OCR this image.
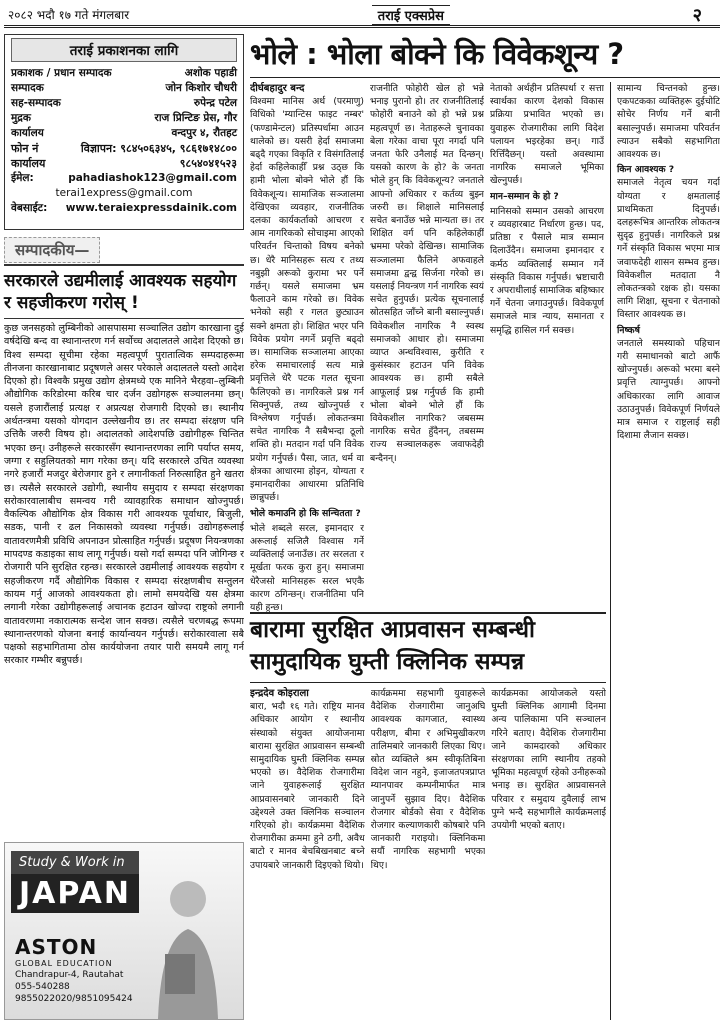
२०८२ भदौ १७ गते मंगलबार	तराई एक्सप्रेस	२
तराई प्रकाशनका लागि
प्रकाशक / प्रधान सम्पादक	अशोक पहाडी
सम्पादक	जोन किशोर चौधरी
सह-सम्पादक	रुपेन्द्र पटेल
मुद्रक	राज प्रिन्टिङ प्रेस, गौर
कार्यालय	वन्दपुर ४, रौतहट
फोन नं	विज्ञापन: ९८४५०६३४५, ९८६१७१४८००
कार्यालय	९८५४०४१५२३
ईमेल:	pahadiashok123@gmail.com
terai1express@gmail.com
वेबसाईट: www.teraiexpressdainik.com
सम्पादकीय—
सरकारले उद्यमीलाई आवश्यक सहयोग र सहजीकरण गरोस् !
कुछ जनसहको लुम्बिनीको आसपासमा सञ्चालित उद्योग कारखाना दुई वर्षदेखि बन्द वा स्थानान्तरण गर्न सर्वोच्च अदालतले आदेश दिएको छ। विश्व सम्पदा सूचीमा रहेका महत्वपूर्ण पुरातात्विक सम्पदाहरूमा तीनजना कारखानाबाट प्रदूषणले असर परेकाले अदालतले यस्तो आदेश दिएको हो। विश्वकै प्रमुख उद्योग क्षेत्रमध्ये एक मानिने भैरहवा–लुम्बिनी औद्योगिक करिडोरमा करिब चार दर्जन उद्योगहरू सञ्चालनमा छन्। यसले हजारौंलाई प्रत्यक्ष र अप्रत्यक्ष रोजगारी दिएको छ। स्थानीय अर्थतन्त्रमा यसको योगदान उल्लेखनीय छ। तर सम्पदा संरक्षण पनि उत्तिकै जरुरी विषय हो। अदालतको आदेशपछि उद्योगीहरू चिन्तित भएका छन्। उनीहरूले सरकारसँग स्थानान्तरणका लागि पर्याप्त समय, जग्गा र सहुलियतको माग गरेका छन्। यदि सरकारले उचित व्यवस्था नगरे हजारौं मजदुर बेरोजगार हुने र लगानीकर्ता निरुत्साहित हुने खतरा छ। त्यसैले सरकारले उद्योगी, स्थानीय समुदाय र सम्पदा संरक्षणका सरोकारवालाबीच समन्वय गरी व्यावहारिक समाधान खोज्नुपर्छ। वैकल्पिक औद्योगिक क्षेत्र विकास गरी आवश्यक पूर्वाधार, बिजुली, सडक, पानी र ढल निकासको व्यवस्था गर्नुपर्छ। उद्योगहरूलाई वातावरणमैत्री प्रविधि अपनाउन प्रोत्साहित गर्नुपर्छ। प्रदूषण नियन्त्रणका मापदण्ड कडाइका साथ लागू गर्नुपर्छ। यसो गर्दा सम्पदा पनि जोगिन्छ र रोजगारी पनि सुरक्षित रहन्छ। सरकारले उद्यमीलाई आवश्यक सहयोग र सहजीकरण गर्दै औद्योगिक विकास र सम्पदा संरक्षणबीच सन्तुलन कायम गर्नु आजको आवश्यकता हो। लामो समयदेखि यस क्षेत्रमा लगानी गरेका उद्योगीहरूलाई अचानक हटाउन खोज्दा राष्ट्रको लगानी वातावरणमा नकारात्मक सन्देश जान सक्छ। त्यसैले चरणबद्ध रूपमा स्थानान्तरणको योजना बनाई कार्यान्वयन गर्नुपर्छ। सरोकारवाला सबै पक्षको सहभागितामा ठोस कार्ययोजना तयार पारी समयमै लागू गर्न सरकार गम्भीर बन्नुपर्छ।
Study & Work in
JAPAN
ASTON
GLOBAL EDUCATION
Chandrapur-4, Rautahat
055-540288
9855022020/9851095424
भोले : भोला बोक्ने कि विवेकशून्य ?
दीर्घबहादुर बन्द
विश्वमा मानिस अर्थ (परमाणु) विधिको 'म्यान्टिस फाइट नम्बर' (फण्डामेन्टल) प्रतिस्पर्धामा आउन थालेको छ। यसरी हेर्दा समाजमा बढ्दै गएका विकृति र विसंगतिलाई हेर्दा कहिलेकाहीँ प्रश्न उठ्छ कि हामी भोला बोक्ने भोले हौं कि विवेकशून्य। सामाजिक सञ्जालमा देखिएका व्यवहार, राजनीतिक दलका कार्यकर्ताको आचरण र आम नागरिकको सोचाइमा आएको परिवर्तन चिन्ताको विषय बनेको छ। धेरै मानिसहरू सत्य र तथ्य नबुझी अरूको कुरामा भर पर्ने गर्छन्। यसले समाजमा भ्रम फैलाउने काम गरेको छ। विवेक भनेको सही र गलत छुट्याउन सक्ने क्षमता हो। शिक्षित भएर पनि विवेक प्रयोग नगर्ने प्रवृत्ति बढ्दो छ। सामाजिक सञ्जालमा आएका हरेक समाचारलाई सत्य मान्ने प्रवृत्तिले धेरै पटक गलत सूचना फैलिएको छ। नागरिकले प्रश्न गर्न सिक्नुपर्छ, तथ्य खोज्नुपर्छ र विश्लेषण गर्नुपर्छ। लोकतन्त्रमा सचेत नागरिक नै सबैभन्दा ठूलो शक्ति हो। मतदान गर्दा पनि विवेक प्रयोग गर्नुपर्छ। पैसा, जात, धर्म वा क्षेत्रका आधारमा होइन, योग्यता र इमानदारीका आधारमा प्रतिनिधि छान्नुपर्छ।
भोले कमाउनि हो कि सन्चितता ?
भोले शब्दले सरल, इमानदार र अरूलाई सजिलै विश्वास गर्ने व्यक्तिलाई जनाउँछ। तर सरलता र मूर्खता फरक कुरा हुन्। समाजमा धेरैजसो मानिसहरू सरल भएकै कारण ठगिन्छन्। राजनीतिमा पनि यही हुन्छ।
राजनीति फोहोरी खेल हो भन्ने भनाइ पुरानो हो। तर राजनीतिलाई फोहोरी बनाउने को हो भन्ने प्रश्न महत्वपूर्ण छ। नेताहरूले चुनावका बेला गरेका वाचा पूरा नगर्दा पनि जनता फेरि उनैलाई मत दिन्छन्। यसको कारण के हो? के जनता भोले हुन् कि विवेकशून्य? जनताले आफ्नो अधिकार र कर्तव्य बुझ्न जरुरी छ। शिक्षाले मानिसलाई सचेत बनाउँछ भन्ने मान्यता छ। तर शिक्षित वर्ग पनि कहिलेकाहीँ भ्रममा परेको देखिन्छ। सामाजिक सञ्जालमा फैलिने अफवाहले समाजमा द्वन्द्व सिर्जना गरेको छ। यसलाई नियन्त्रण गर्न नागरिक स्वयं सचेत हुनुपर्छ। प्रत्येक सूचनालाई स्रोतसहित जाँच्ने बानी बसाल्नुपर्छ। विवेकशील नागरिक नै स्वस्थ समाजको आधार हो। समाजमा व्याप्त अन्धविश्वास, कुरीति र कुसंस्कार हटाउन पनि विवेक आवश्यक छ। हामी सबैले आफूलाई प्रश्न गर्नुपर्छ कि हामी भोला बोक्ने भोले हौं कि विवेकशील नागरिक? जबसम्म नागरिक सचेत हुँदैनन्, तबसम्म राज्य सञ्चालकहरू जवाफदेही बन्दैनन्।
नेताको अर्थहीन प्रतिस्पर्धा र सत्ता स्वार्थका कारण देशको विकास प्रक्रिया प्रभावित भएको छ। युवाहरू रोजगारीका लागि विदेश पलायन भइरहेका छन्। गाउँ रित्तिँदैछन्। यस्तो अवस्थामा नागरिक समाजले भूमिका खेल्नुपर्छ।
मान–सम्मान के हो ?
मानिसको सम्मान उसको आचरण र व्यवहारबाट निर्धारण हुन्छ। पद, प्रतिष्ठा र पैसाले मात्र सम्मान दिलाउँदैन। समाजमा इमानदार र कर्मठ व्यक्तिलाई सम्मान गर्ने संस्कृति विकास गर्नुपर्छ। भ्रष्टाचारी र अपराधीलाई सामाजिक बहिष्कार गर्ने चेतना जगाउनुपर्छ। विवेकपूर्ण समाजले मात्र न्याय, समानता र समृद्धि हासिल गर्न सक्छ।
बारामा सुरक्षित आप्रवासन सम्बन्धी सामुदायिक घुम्ती क्लिनिक सम्पन्न
इन्द्रदेव कोइराला
बारा, भदौ १६ गते। राष्ट्रिय मानव अधिकार आयोग र स्थानीय संस्थाको संयुक्त आयोजनामा बारामा सुरक्षित आप्रवासन सम्बन्धी सामुदायिक घुम्ती क्लिनिक सम्पन्न भएको छ। वैदेशिक रोजगारीमा जाने युवाहरूलाई सुरक्षित आप्रवासनबारे जानकारी दिने उद्देश्यले उक्त क्लिनिक सञ्चालन गरिएको हो। कार्यक्रममा वैदेशिक रोजगारीका क्रममा हुने ठगी, अवैध बाटो र मानव बेचबिखनबाट बच्ने उपायबारे जानकारी दिइएको थियो।
कार्यक्रममा सहभागी युवाहरूले वैदेशिक रोजगारीमा जानुअघि आवश्यक कागजात, स्वास्थ्य परीक्षण, बीमा र अभिमुखीकरण तालिमबारे जानकारी लिएका थिए। स्रोत व्यक्तिले श्रम स्वीकृतिबिना विदेश जान नहुने, इजाजतपत्रप्राप्त म्यानपावर कम्पनीमार्फत मात्र जानुपर्ने सुझाव दिए। वैदेशिक रोजगार बोर्डको सेवा र वैदेशिक रोजगार कल्याणकारी कोषबारे पनि जानकारी गराइयो। क्लिनिकमा सयौं नागरिक सहभागी भएका थिए।
कार्यक्रमका आयोजकले यस्तो घुम्ती क्लिनिक आगामी दिनमा अन्य पालिकामा पनि सञ्चालन गरिने बताए। वैदेशिक रोजगारीमा जाने कामदारको अधिकार संरक्षणका लागि स्थानीय तहको भूमिका महत्वपूर्ण रहेको उनीहरूको भनाइ छ। सुरक्षित आप्रवासनले परिवार र समुदाय दुवैलाई लाभ पुग्ने भन्दै सहभागीले कार्यक्रमलाई उपयोगी भएको बताए।
सामान्य चिन्तनको हुन्छ। एकपटकका व्यक्तिहरू दुईचोटि सोचेर निर्णय गर्ने बानी बसाल्नुपर्छ। समाजमा परिवर्तन ल्याउन सबैको सहभागिता आवश्यक छ।
किन आवश्यक ?
समाजले नेतृत्व चयन गर्दा योग्यता र क्षमतालाई प्राथमिकता दिनुपर्छ। दलहरूभित्र आन्तरिक लोकतन्त्र सुदृढ हुनुपर्छ। नागरिकले प्रश्न गर्ने संस्कृति विकास भएमा मात्र जवाफदेही शासन सम्भव हुन्छ। विवेकशील मतदाता नै लोकतन्त्रको रक्षक हो। यसका लागि शिक्षा, सूचना र चेतनाको विस्तार आवश्यक छ।
निष्कर्ष
जनताले समस्याको पहिचान गरी समाधानको बाटो आफैं खोज्नुपर्छ। अरूको भरमा बस्ने प्रवृत्ति त्याग्नुपर्छ। आफ्नो अधिकारका लागि आवाज उठाउनुपर्छ। विवेकपूर्ण निर्णयले मात्र समाज र राष्ट्रलाई सही दिशामा लैजान सक्छ।
